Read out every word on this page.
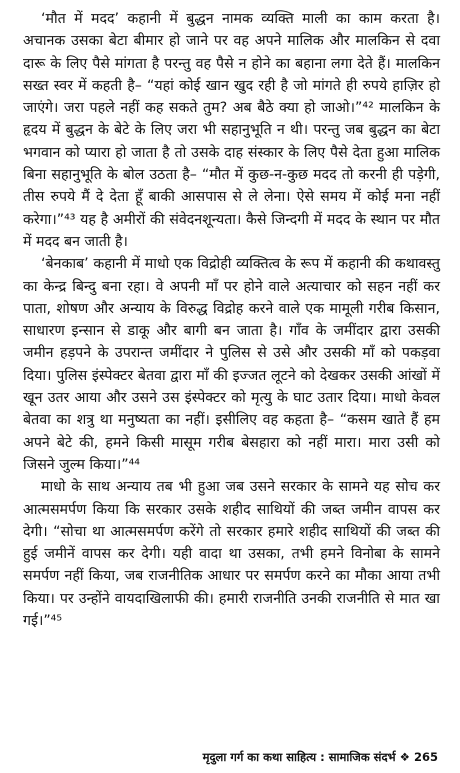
‘मौत में मदद’ कहानी में बुद्धन नामक व्यक्ति माली का काम करता है। अचानक उसका बेटा बीमार हो जाने पर वह अपने मालिक और मालकिन से दवा दारू के लिए पैसे मांगता है परन्तु वह पैसे न होने का बहाना लगा देते हैं। मालकिन सख्त स्वर में कहती है– “यहां कोई खान खुद रही है जो मांगते ही रुपये हाज़िर हो जाएंगे। जरा पहले नहीं कह सकते तुम? अब बैठे क्या हो जाओ।”⁴² मालकिन के हृदय में बुद्धन के बेटे के लिए जरा भी सहानुभूति न थी। परन्तु जब बुद्धन का बेटा भगवान को प्यारा हो जाता है तो उसके दाह संस्कार के लिए पैसे देता हुआ मालिक बिना सहानुभूति के बोल उठता है– “मौत में कुछ-न-कुछ मदद तो करनी ही पड़ेगी, तीस रुपये मैं दे देता हूँ बाकी आसपास से ले लेना। ऐसे समय में कोई मना नहीं करेगा।”⁴³ यह है अमीरों की संवेदनशून्यता। कैसे जिन्दगी में मदद के स्थान पर मौत में मदद बन जाती है।

‘बेनकाब’ कहानी में माधो एक विद्रोही व्यक्तित्व के रूप में कहानी की कथावस्तु का केन्द्र बिन्दु बना रहा। वे अपनी माँ पर होने वाले अत्याचार को सहन नहीं कर पाता, शोषण और अन्याय के विरुद्ध विद्रोह करने वाले एक मामूली गरीब किसान, साधारण इन्सान से डाकू और बागी बन जाता है। गाँव के जमींदार द्वारा उसकी जमीन हड़पने के उपरान्त जमींदार ने पुलिस से उसे और उसकी माँ को पकड़वा दिया। पुलिस इंस्पेक्टर बेतवा द्वारा माँ की इज्जत लूटने को देखकर उसकी आंखों में खून उतर आया और उसने उस इंस्पेक्टर को मृत्यु के घाट उतार दिया। माधो केवल बेतवा का शत्रु था मनुष्यता का नहीं। इसीलिए वह कहता है– “कसम खाते हैं हम अपने बेटे की, हमने किसी मासूम गरीब बेसहारा को नहीं मारा। मारा उसी को जिसने जुल्म किया।”⁴⁴

माधो के साथ अन्याय तब भी हुआ जब उसने सरकार के सामने यह सोच कर आत्मसमर्पण किया कि सरकार उसके शहीद साथियों की जब्त जमीन वापस कर देगी। “सोचा था आत्मसमर्पण करेंगे तो सरकार हमारे शहीद साथियों की जब्त की हुई जमीनें वापस कर देगी। यही वादा था उसका, तभी हमने विनोबा के सामने समर्पण नहीं किया, जब राजनीतिक आधार पर समर्पण करने का मौका आया तभी किया। पर उन्होंने वायदाखिलाफी की। हमारी राजनीति उनकी राजनीति से मात खा गई।”⁴⁵

मृदुला गर्ग का कथा साहित्य : सामाजिक संदर्भ ❖ 265
